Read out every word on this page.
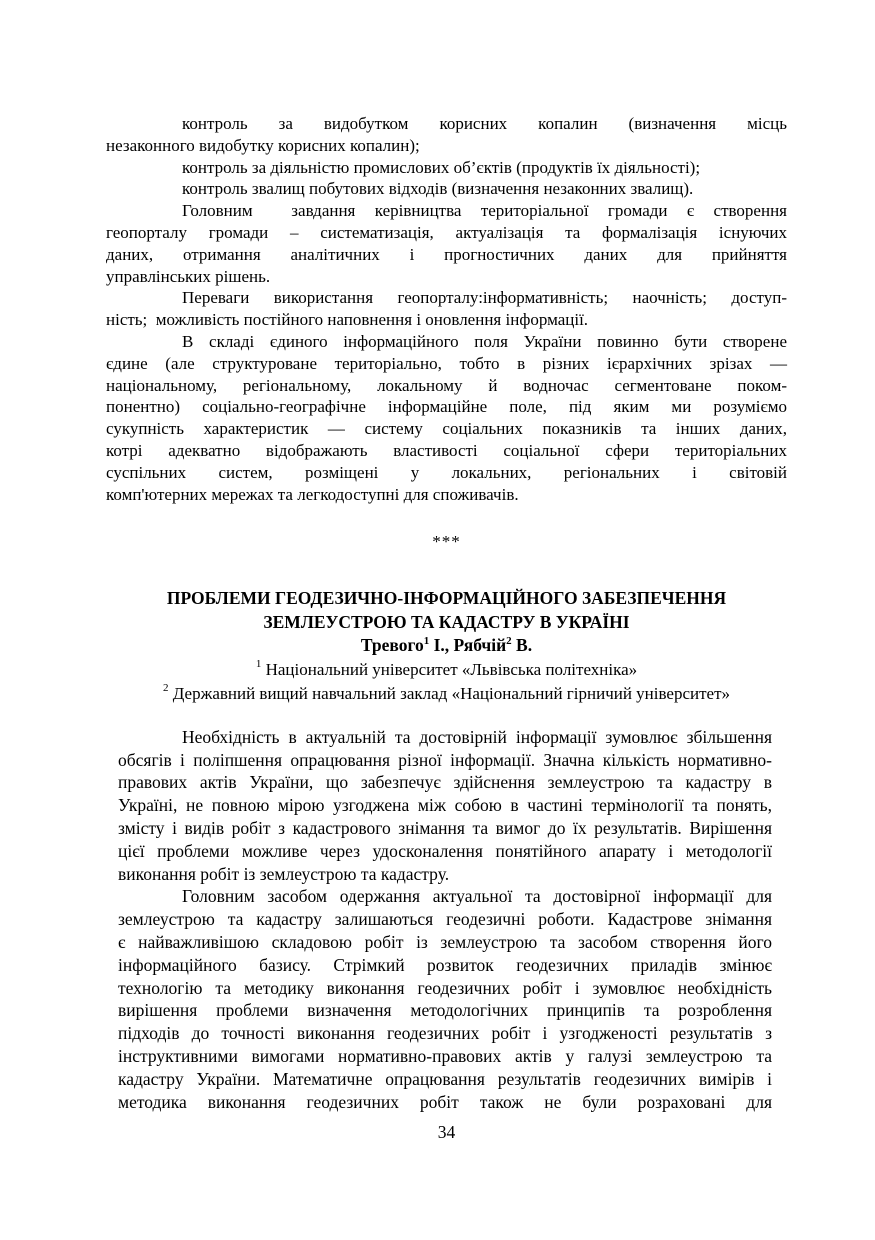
контроль за видобутком корисних копалин (визначення місць
незаконного видобутку корисних копалин);
контроль за діяльністю промислових об’єктів (продуктів їх діяльності);
контроль звалищ побутових відходів (визначення незаконних звалищ).
Головним  завдання керівництва територіальної громади є створення
геопорталу громади – систематизація, актуалізація та формалізація існуючих
даних, отримання аналітичних і прогностичних даних для прийняття
управлінських рішень.
Переваги використання геопорталу:інформативність; наочність; доступ-
ність;  можливість постійного наповнення і оновлення інформації.
В складі єдиного інформаційного поля України повинно бути створене
єдине (але структуроване територіально, тобто в різних ієрархічних зрізах —
національному, регіональному, локальному й водночас сегментоване поком-
понентно) соціально-географічне інформаційне поле, під яким ми розуміємо
сукупність характеристик — систему соціальних показників та інших даних,
котрі адекватно відображають властивості соціальної сфери територіальних
суспільних систем, розміщені у локальних, регіональних і світовій
комп'ютерних мережах та легкодоступні для споживачів.
***
ПРОБЛЕМИ ГЕОДЕЗИЧНО-ІНФОРМАЦІЙНОГО ЗАБЕЗПЕЧЕННЯ
ЗЕМЛЕУСТРОЮ ТА КАДАСТРУ В УКРАЇНІ
Тревого$^1$ І., Рябчій$^2$ В.
$^1$ Національний університет «Львівська політехніка»
$^2$ Державний вищий навчальний заклад «Національний гірничий університет»
Необхідність в актуальній та достовірній інформації зумовлює збільшення
обсягів і поліпшення опрацювання різної інформації. Значна кількість нормативно-
правових актів України, що забезпечує здійснення землеустрою та кадастру в
Україні, не повною мірою узгоджена між собою в частині термінології та понять,
змісту і видів робіт з кадастрового знімання та вимог до їх результатів. Вирішення
цієї проблеми можливе через удосконалення понятійного апарату і методології
виконання робіт із землеустрою та кадастру.
Головним засобом одержання актуальної та достовірної інформації для
землеустрою та кадастру залишаються геодезичні роботи. Кадастрове знімання
є найважливішою складовою робіт із землеустрою та засобом створення його
інформаційного базису. Стрімкий розвиток геодезичних приладів змінює
технологію та методику виконання геодезичних робіт і зумовлює необхідність
вирішення проблеми визначення методологічних принципів та розроблення
підходів до точності виконання геодезичних робіт і узгодженості результатів з
інструктивними вимогами нормативно-правових актів у галузі землеустрою та
кадастру України. Математичне опрацювання результатів геодезичних вимірів і
методика виконання геодезичних робіт також не були розраховані для
34
